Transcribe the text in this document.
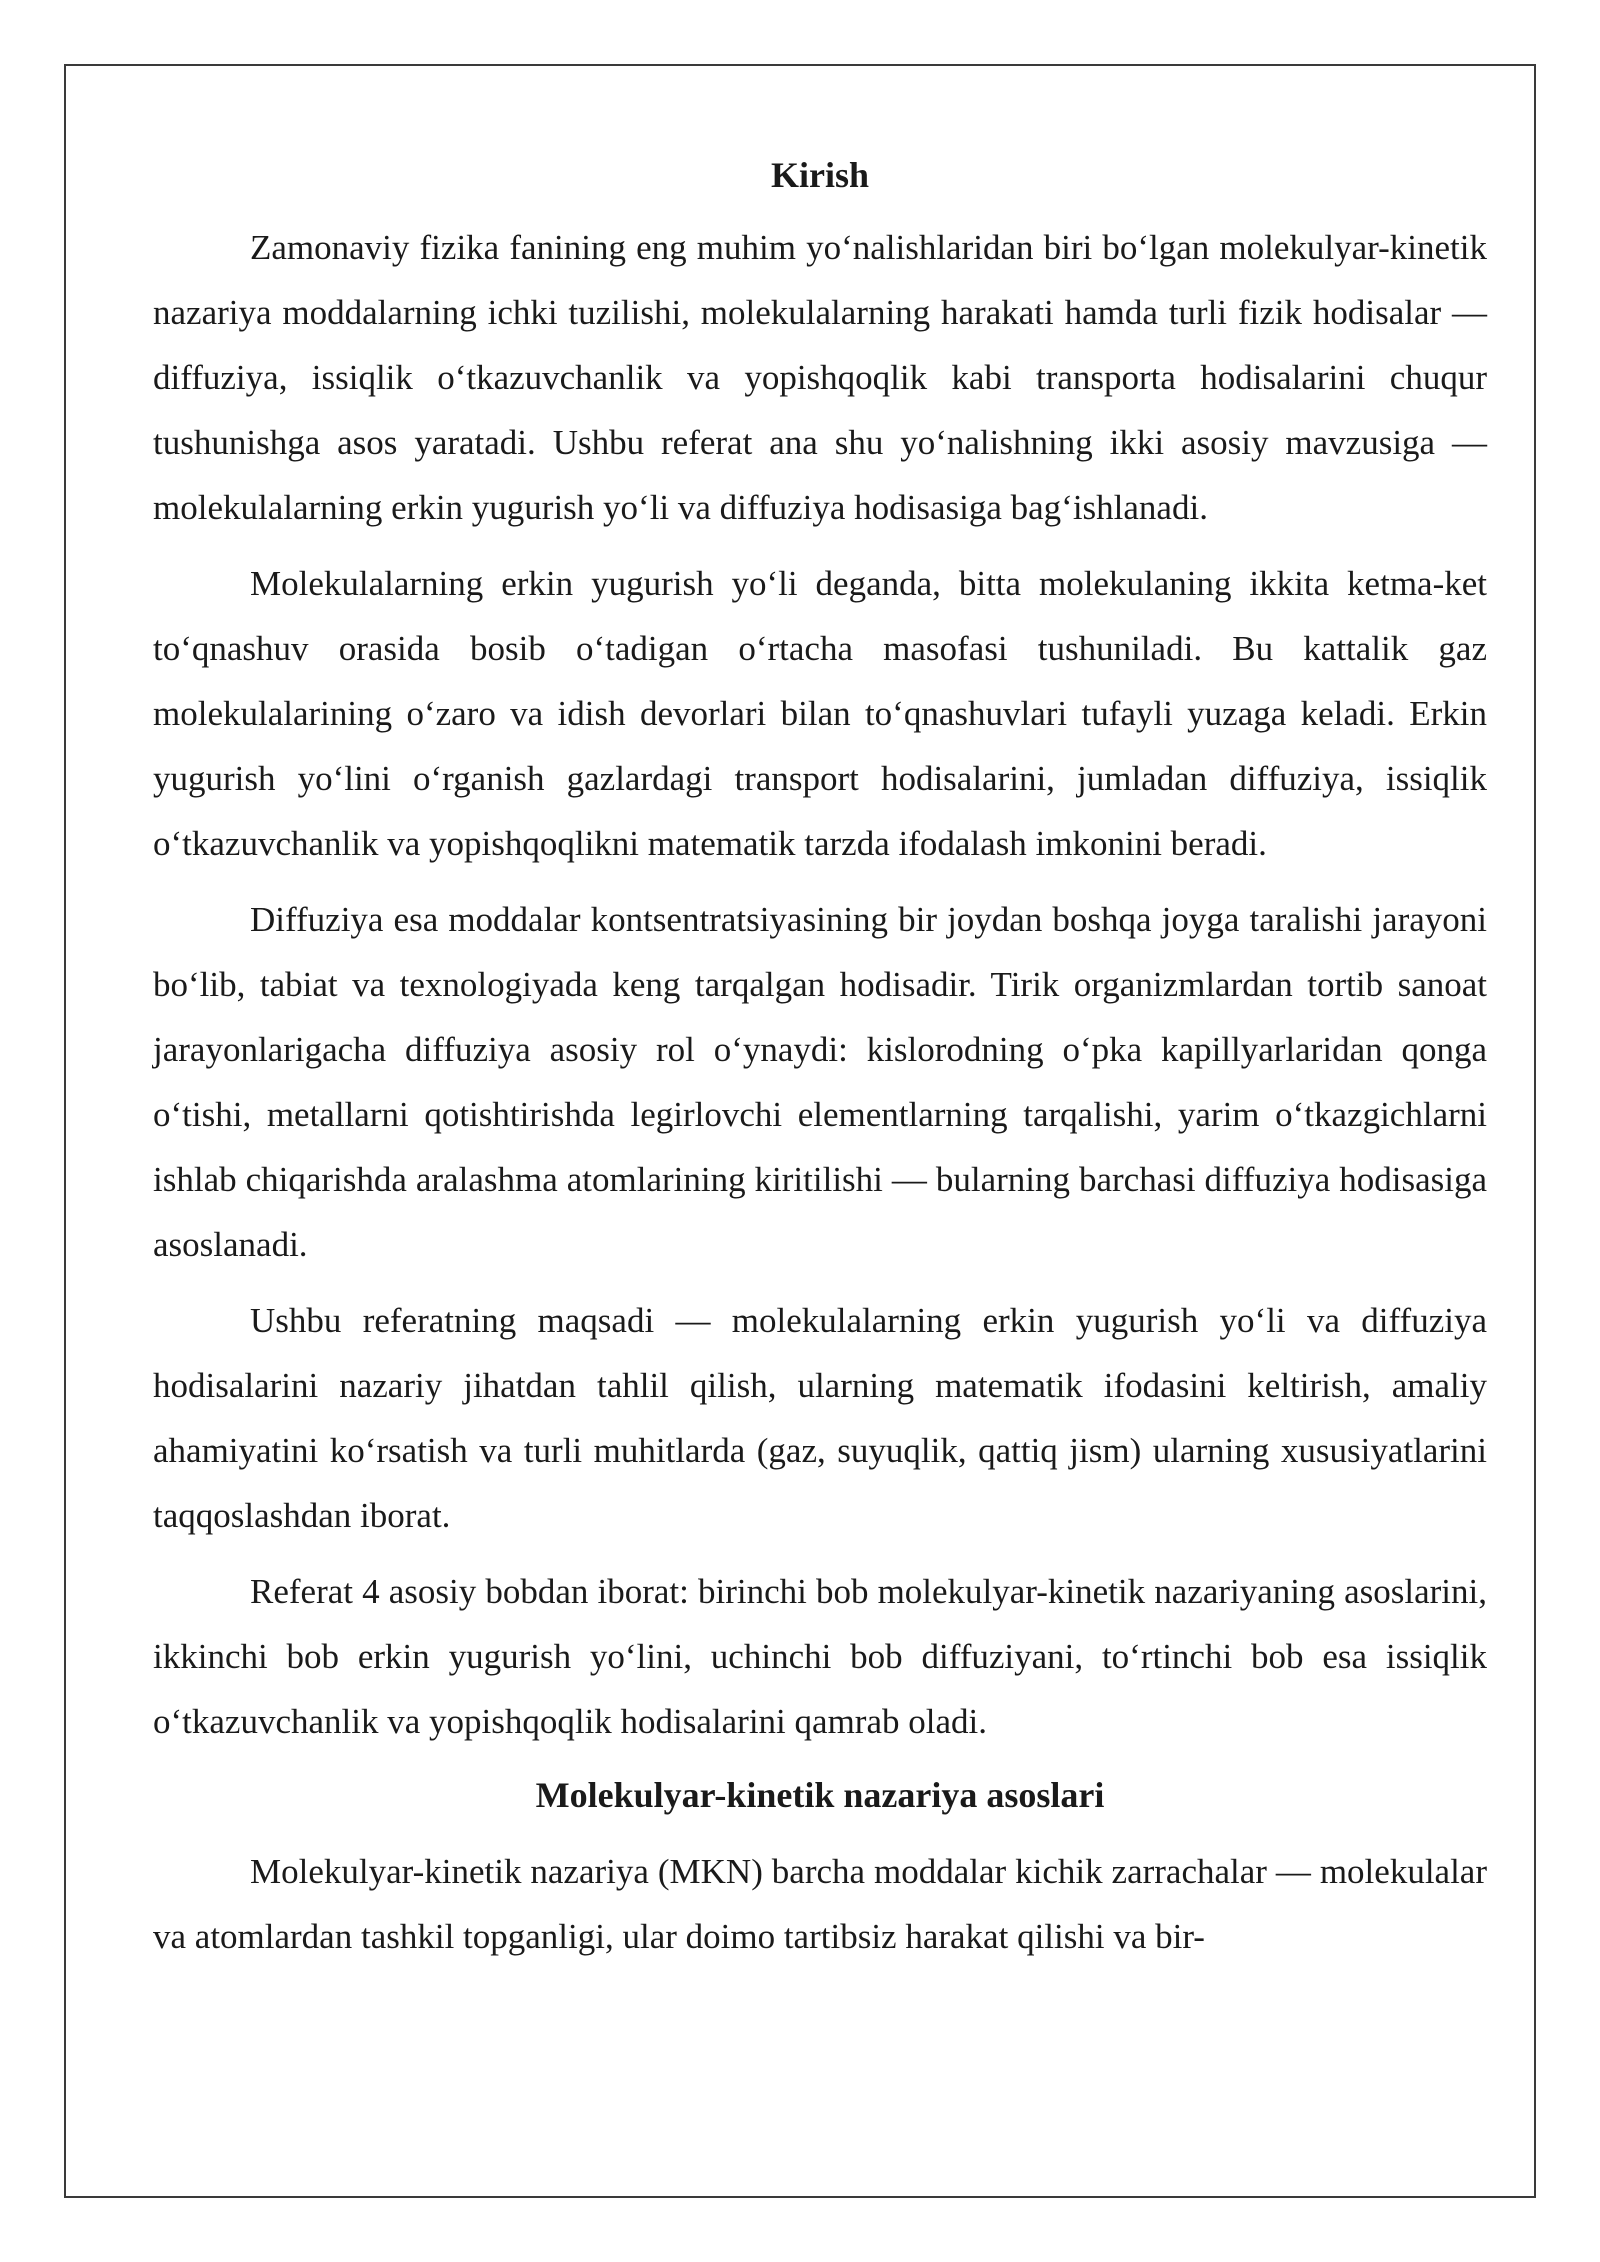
Kirish

Zamonaviy fizika fanining eng muhim yo‘nalishlaridan biri bo‘lgan molekulyar-kinetik nazariya moddalarning ichki tuzilishi, molekulalarning harakati hamda turli fizik hodisalar — diffuziya, issiqlik o‘tkazuvchanlik va yopishqoqlik kabi transporta hodisalarini chuqur tushunishga asos yaratadi. Ushbu referat ana shu yo‘nalishning ikki asosiy mavzusiga — molekulalarning erkin yugurish yo‘li va diffuziya hodisasiga bag‘ishlanadi.

Molekulalarning erkin yugurish yo‘li deganda, bitta molekulaning ikkita ketma-ket to‘qnashuv orasida bosib o‘tadigan o‘rtacha masofasi tushuniladi. Bu kattalik gaz molekulalarining o‘zaro va idish devorlari bilan to‘qnashuvlari tufayli yuzaga keladi. Erkin yugurish yo‘lini o‘rganish gazlardagi transport hodisalarini, jumladan diffuziya, issiqlik o‘tkazuvchanlik va yopishqoqlikni matematik tarzda ifodalash imkonini beradi.

Diffuziya esa moddalar kontsentratsiyasining bir joydan boshqa joyga taralishi jarayoni bo‘lib, tabiat va texnologiyada keng tarqalgan hodisadir. Tirik organizmlardan tortib sanoat jarayonlarigacha diffuziya asosiy rol o‘ynaydi: kislorodning o‘pka kapillyarlaridan qonga o‘tishi, metallarni qotishtirishda legirlovchi elementlarning tarqalishi, yarim o‘tkazgichlarni ishlab chiqarishda aralashma atomlarining kiritilishi — bularning barchasi diffuziya hodisasiga asoslanadi.

Ushbu referatning maqsadi — molekulalarning erkin yugurish yo‘li va diffuziya hodisalarini nazariy jihatdan tahlil qilish, ularning matematik ifodasini keltirish, amaliy ahamiyatini ko‘rsatish va turli muhitlarda (gaz, suyuqlik, qattiq jism) ularning xususiyatlarini taqqoslashdan iborat.

Referat 4 asosiy bobdan iborat: birinchi bob molekulyar-kinetik nazariyaning asoslarini, ikkinchi bob erkin yugurish yo‘lini, uchinchi bob diffuziyani, to‘rtinchi bob esa issiqlik o‘tkazuvchanlik va yopishqoqlik hodisalarini qamrab oladi.

Molekulyar-kinetik nazariya asoslari

Molekulyar-kinetik nazariya (MKN) barcha moddalar kichik zarrachalar — molekulalar va atomlardan tashkil topganligi, ular doimo tartibsiz harakat qilishi va bir-
